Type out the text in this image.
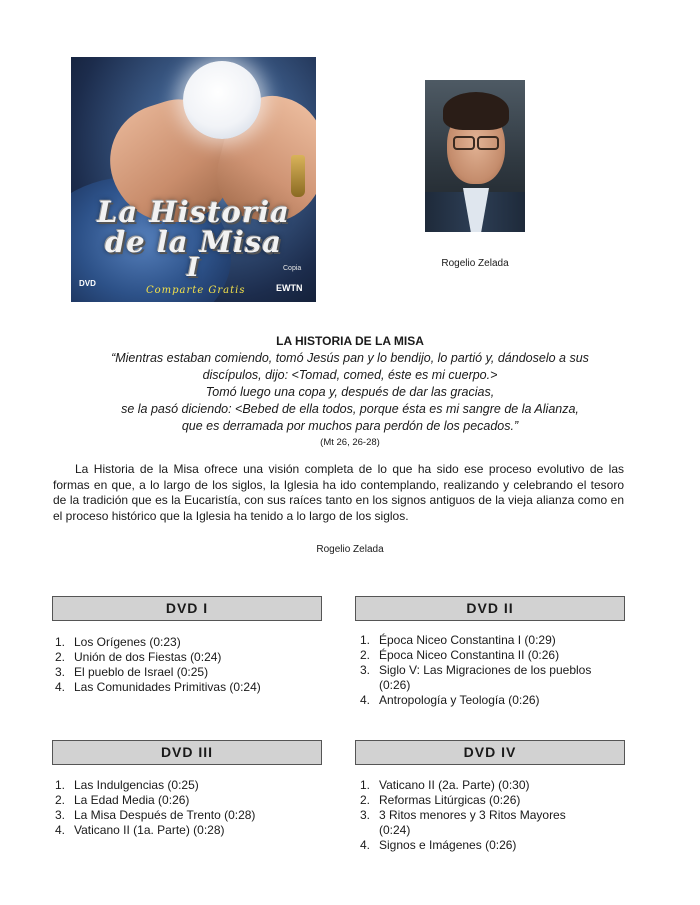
La Historia
de la Misa
I	Copia
DVD
Comparte Gratis	EWTN
Rogelio Zelada
LA HISTORIA DE LA MISA
“Mientras estaban comiendo, tomó Jesús pan y lo bendijo, lo partió y, dándoselo a sus
discípulos, dijo: <Tomad, comed, éste es mi cuerpo.>
Tomó luego una copa y, después de dar las gracias,
se la pasó diciendo: <Bebed de ella todos, porque ésta es mi sangre de la Alianza,
que es derramada por muchos para perdón de los pecados.”
(Mt 26, 26-28)
La Historia de la Misa ofrece una visión completa de lo que ha sido ese proceso evolutivo de las formas en que, a lo largo de los siglos, la Iglesia ha ido contemplando, realizando y celebrando el tesoro de la tradición que es la Eucaristía, con sus raíces tanto en los signos antiguos de la vieja alianza como en el proceso histórico que la Iglesia ha tenido a lo largo de los siglos.
Rogelio Zelada
DVD I
1. Los Orígenes (0:23)
2. Unión de dos Fiestas (0:24)
3. El pueblo de Israel (0:25)
4. Las Comunidades Primitivas (0:24)
DVD II
1. Época Niceo Constantina I (0:29)
2. Época Niceo Constantina II (0:26)
3. Siglo V: Las Migraciones de los pueblos (0:26)
4. Antropología y Teología (0:26)
DVD III
1. Las Indulgencias (0:25)
2. La Edad Media (0:26)
3. La Misa Después de Trento (0:28)
4. Vaticano II (1a. Parte) (0:28)
DVD IV
1. Vaticano II (2a. Parte) (0:30)
2. Reformas Litúrgicas (0:26)
3. 3 Ritos menores y 3 Ritos Mayores (0:24)
4. Signos e Imágenes (0:26)
